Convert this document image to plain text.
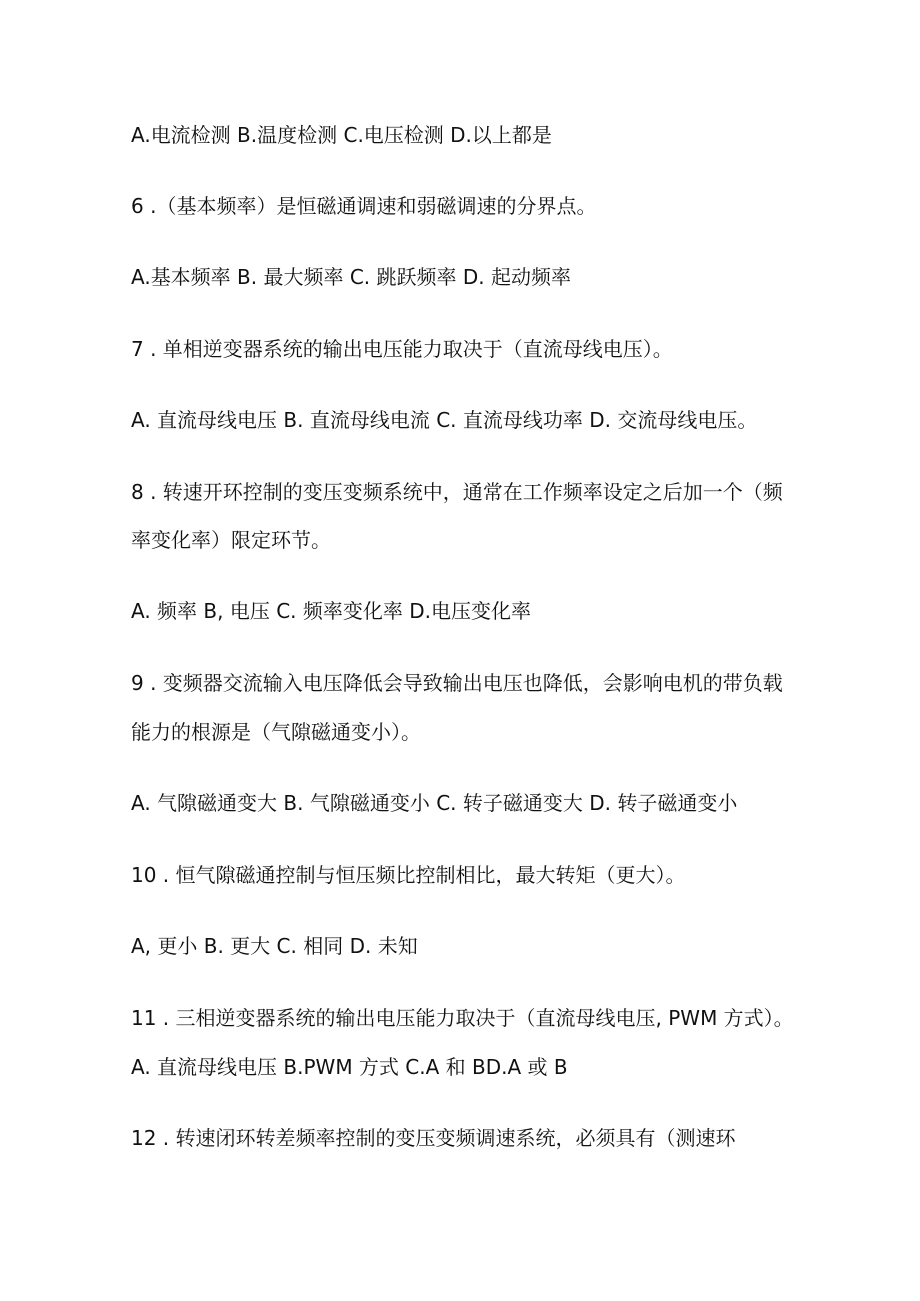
A.电流检测 B.温度检测 C.电压检测 D.以上都是
6 .（基本频率）是恒磁通调速和弱磁调速的分界点。
A.基本频率 B. 最大频率 C. 跳跃频率 D. 起动频率
7 . 单相逆变器系统的输出电压能力取决于（直流母线电压）。
A. 直流母线电压 B. 直流母线电流 C. 直流母线功率 D. 交流母线电压。
8 . 转速开环控制的变压变频系统中，通常在工作频率设定之后加一个（频
率变化率）限定环节。
A. 频率 B, 电压 C. 频率变化率 D.电压变化率
9 . 变频器交流输入电压降低会导致输出电压也降低，会影响电机的带负载
能力的根源是（气隙磁通变小）。
A. 气隙磁通变大 B. 气隙磁通变小 C. 转子磁通变大 D. 转子磁通变小
10 . 恒气隙磁通控制与恒压频比控制相比，最大转矩（更大）。
A, 更小 B. 更大 C. 相同 D. 未知
11 . 三相逆变器系统的输出电压能力取决于（直流母线电压, PWM 方式）。
A. 直流母线电压 B.PWM 方式 C.A 和 BD.A 或 B
12 . 转速闭环转差频率控制的变压变频调速系统，必须具有（测速环
